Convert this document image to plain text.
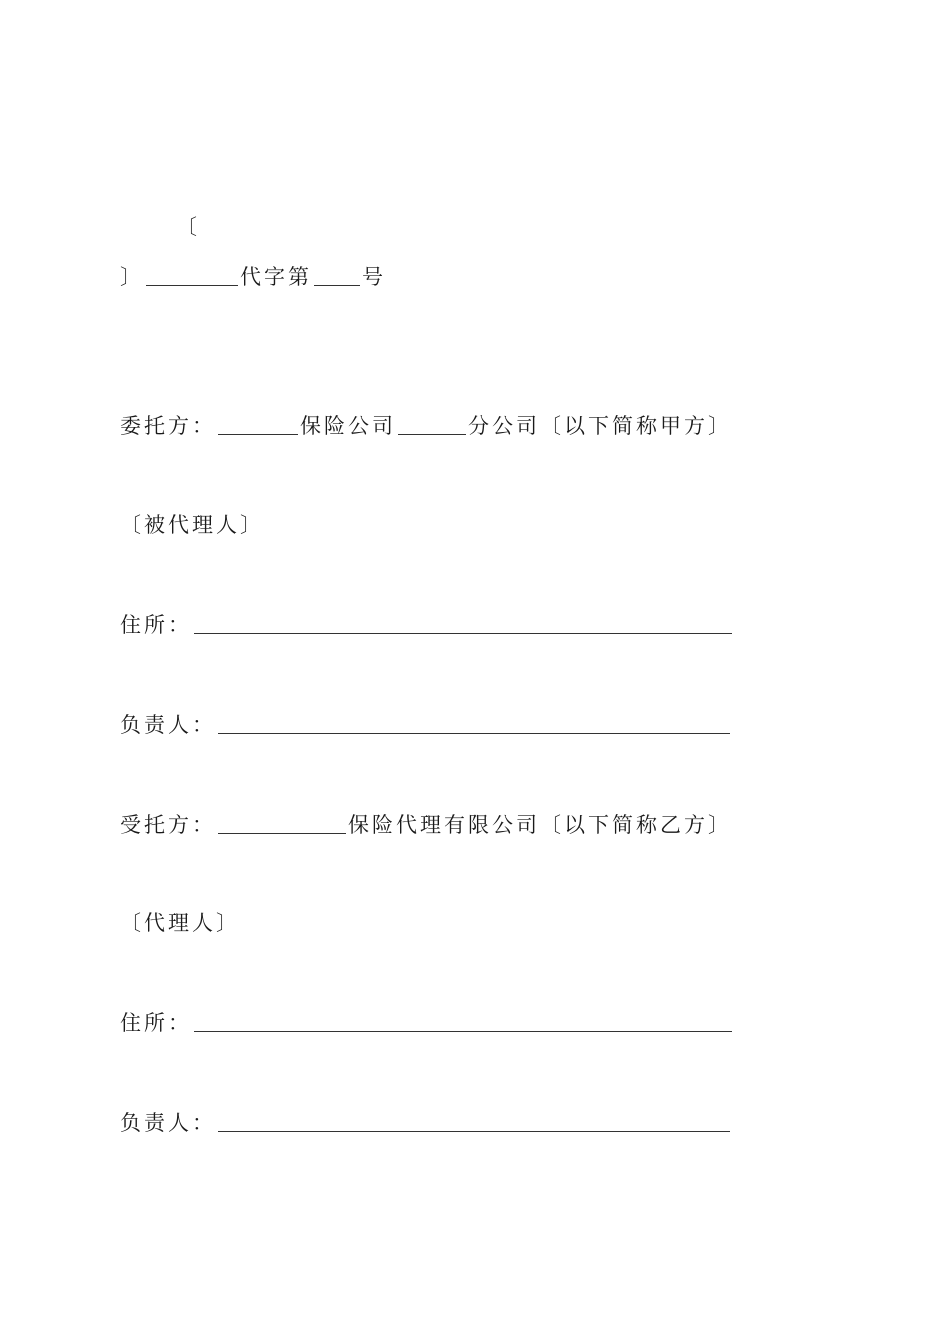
〔
〕	代字第 号
委托方：	保险公司	分公司〔以下简称甲方〕
〔被代理人〕
住所：
负责人：
受托方：	保险代理有限公司〔以下简称乙方〕
〔代理人〕
住所：
负责人：
